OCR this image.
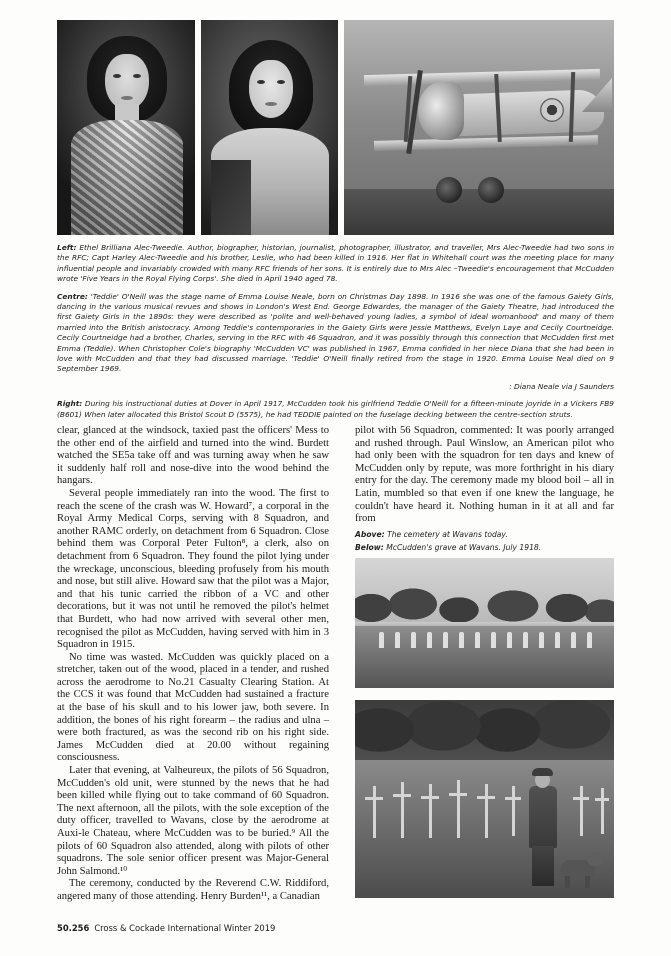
Left: Ethel Brilliana Alec-Tweedie. Author, biographer, historian, journalist, photographer, illustrator, and traveller, Mrs Alec-Tweedie had two sons in the RFC; Capt Harley Alec-Tweedie and his brother, Leslie, who had been killed in 1916. Her flat in Whitehall court was the meeting place for many influential people and invariably crowded with many RFC friends of her sons. It is entirely due to Mrs Alec –Tweedie's encouragement that McCudden wrote 'Five Years in the Royal Flying Corps'. She died in April 1940 aged 78.

Centre: 'Teddie' O'Neill was the stage name of Emma Louise Neale, born on Christmas Day 1898. In 1916 she was one of the famous Gaiety Girls, dancing in the various musical revues and shows in London's West End. George Edwardes, the manager of the Gaiety Theatre, had introduced the first Gaiety Girls in the 1890s: they were described as 'polite and well-behaved young ladies, a symbol of ideal womanhood' and many of them married into the British aristocracy. Among Teddie's contemporaries in the Gaiety Girls were Jessie Matthews, Evelyn Laye and Cecily Courtneidge. Cecily Courtneidge had a brother, Charles, serving in the RFC with 46 Squadron, and it was possibly through this connection that McCudden first met Emma (Teddie). When Christopher Cole's biography 'McCudden VC' was published in 1967, Emma confided in her niece Diana that she had been in love with McCudden and that they had discussed marriage. 'Teddie' O'Neill finally retired from the stage in 1920. Emma Louise Neal died on 9 September 1969.

: Diana Neale via J Saunders

Right: During his instructional duties at Dover in April 1917, McCudden took his girlfriend Teddie O'Neill for a fifteen-minute joyride in a Vickers FB9 (B601) When later allocated this Bristol Scout D (5575), he had TEDDIE painted on the fuselage decking between the centre-section struts.

clear, glanced at the windsock, taxied past the officers' Mess to the other end of the airfield and turned into the wind. Burdett watched the SE5a take off and was turning away when he saw it suddenly half roll and nose-dive into the wood behind the hangars.

Several people immediately ran into the wood. The first to reach the scene of the crash was W. Howard⁷, a corporal in the Royal Army Medical Corps, serving with 8 Squadron, and another RAMC orderly, on detachment from 6 Squadron. Close behind them was Corporal Peter Fulton⁸, a clerk, also on detachment from 6 Squadron. They found the pilot lying under the wreckage, unconscious, bleeding profusely from his mouth and nose, but still alive. Howard saw that the pilot was a Major, and that his tunic carried the ribbon of a VC and other decorations, but it was not until he removed the pilot's helmet that Burdett, who had now arrived with several other men, recognised the pilot as McCudden, having served with him in 3 Squadron in 1915.

No time was wasted. McCudden was quickly placed on a stretcher, taken out of the wood, placed in a tender, and rushed across the aerodrome to No.21 Casualty Clearing Station. At the CCS it was found that McCudden had sustained a fracture at the base of his skull and to his lower jaw, both severe. In addition, the bones of his right forearm – the radius and ulna – were both fractured, as was the second rib on his right side. James McCudden died at 20.00 without regaining consciousness.

Later that evening, at Valheureux, the pilots of 56 Squadron, McCudden's old unit, were stunned by the news that he had been killed while flying out to take command of 60 Squadron. The next afternoon, all the pilots, with the sole exception of the duty officer, travelled to Wavans, close by the aerodrome at Auxi-le Chateau, where McCudden was to be buried.⁹ All the pilots of 60 Squadron also attended, along with pilots of other squadrons. The sole senior officer present was Major-General John Salmond.¹⁰

The ceremony, conducted by the Reverend C.W. Riddiford, angered many of those attending. Henry Burden¹¹, a Canadian

pilot with 56 Squadron, commented: It was poorly arranged and rushed through. Paul Winslow, an American pilot who had only been with the squadron for ten days and knew of McCudden only by repute, was more forthright in his diary entry for the day. The ceremony made my blood boil – all in Latin, mumbled so that even if one knew the language, he couldn't have heard it. Nothing human in it at all and far from

Above: The cemetery at Wavans today.

Below: McCudden's grave at Wavans. July 1918.

50.256 Cross & Cockade International Winter 2019
